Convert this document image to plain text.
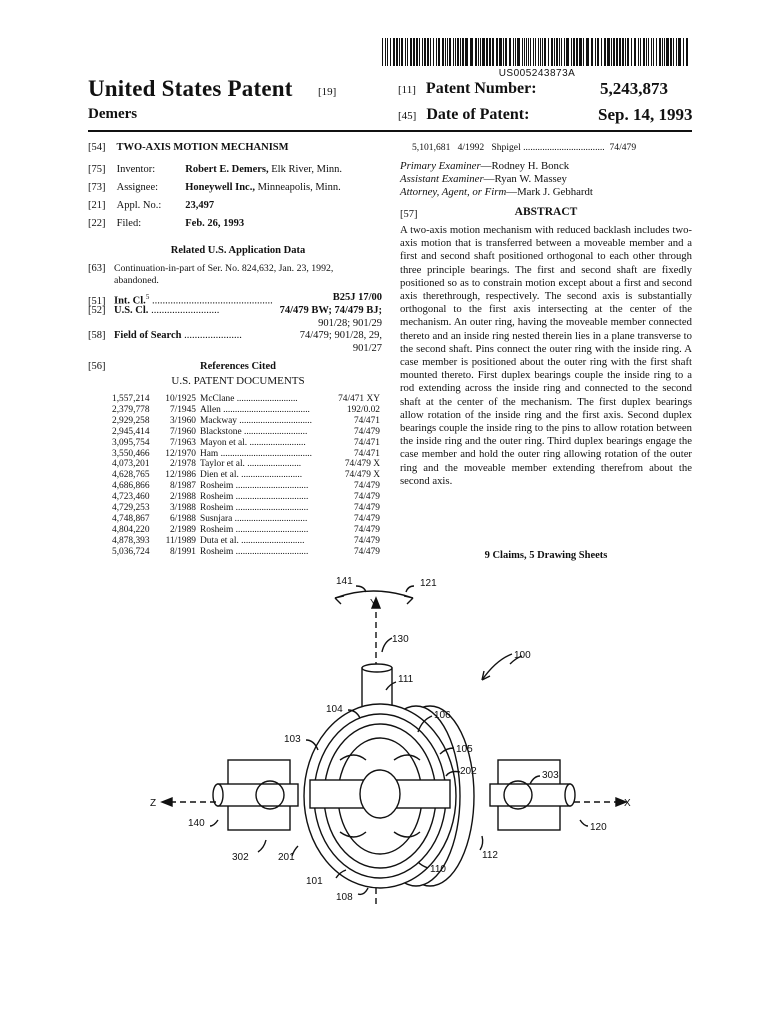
US005243873A
United States Patent [19]
Demers
[11] Patent Number:	5,243,873
[45] Date of Patent:	Sep. 14, 1993
[54] TWO-AXIS MOTION MECHANISM
[75] Inventor:	Robert E. Demers, Elk River, Minn.
[73] Assignee:	Honeywell Inc., Minneapolis, Minn.
[21] Appl. No.: 23,497
[22] Filed:	Feb. 26, 1993
Related U.S. Application Data
[63] Continuation-in-part of Ser. No. 824,632, Jan. 23, 1992,
abandoned.
[51] Int. Cl.$^5$ ..............................................	B25J 17/00
[52] U.S. Cl. ..........................	74/479 BW; 74/479 BJ;
901/28; 901/29
[58] Field of Search ......................	74/479; 901/28, 29,
901/27
[56]	References Cited
U.S. PATENT DOCUMENTS
1,557,214	10/1925 McClane ..........................	74/471 XY
2,379,778	7/1945 Allen .....................................	192/0.02
2,929,258	3/1960 Mackway ...............................	74/471
2,945,414	7/1960 Blackstone ...........................	74/479
3,095,754	7/1963 Mayon et al. ........................	74/471
3,550,466	12/1970 Ham .......................................	74/471
4,073,201	2/1978 Taylor et al. .......................	74/479 X
4,628,765	12/1986 Dien et al. ..........................	74/479 X
4,686,866	8/1987 Rosheim ...............................	74/479
4,723,460	2/1988 Rosheim ...............................	74/479
4,729,253	3/1988 Rosheim ...............................	74/479
4,748,867	6/1988 Susnjara ...............................	74/479
4,804,220	2/1989 Rosheim ...............................	74/479
4,878,393	11/1989 Duta et al. ...........................	74/479
5,036,724	8/1991 Rosheim ...............................	74/479
5,101,681   4/1992   Shpigel ..................................  74/479
Primary Examiner—Rodney H. Bonck
Assistant Examiner—Ryan W. Massey
Attorney, Agent, or Firm—Mark J. Gebhardt
[57]	ABSTRACT
A two-axis motion mechanism with reduced backlash includes two-axis motion that is transferred between a moveable member and a first and second shaft positioned orthogonal to each other through three principle bearings. The first and second shaft are fixedly positioned so as to constrain motion except about a first and second axis therethrough, respectively. The second axis is substantially orthogonal to the first axis intersecting at the center of the mechanism. An outer ring, having the moveable member connected thereto and an inside ring nested therein lies in a plane transverse to the second shaft. Pins connect the outer ring with the inside ring. A case member is positioned about the outer ring with the first shaft mounted thereto. First duplex bearings couple the inside ring to a rod extending across the inside ring and connected to the second shaft at the center of the mechanism. The first duplex bearings allow rotation of the inside ring and the first axis. Second duplex bearings couple the inside ring to the pins to allow rotation between the inside ring and the outer ring. Third duplex bearings engage the case member and hold the outer ring allowing rotation of the outer ring and the moveable member extending therefrom about the second axis.
9 Claims, 5 Drawing Sheets
141	121
Y
130
100
111
104
106
103
105
202	303
Z	X
140	120
302	201	112
110
101
108
